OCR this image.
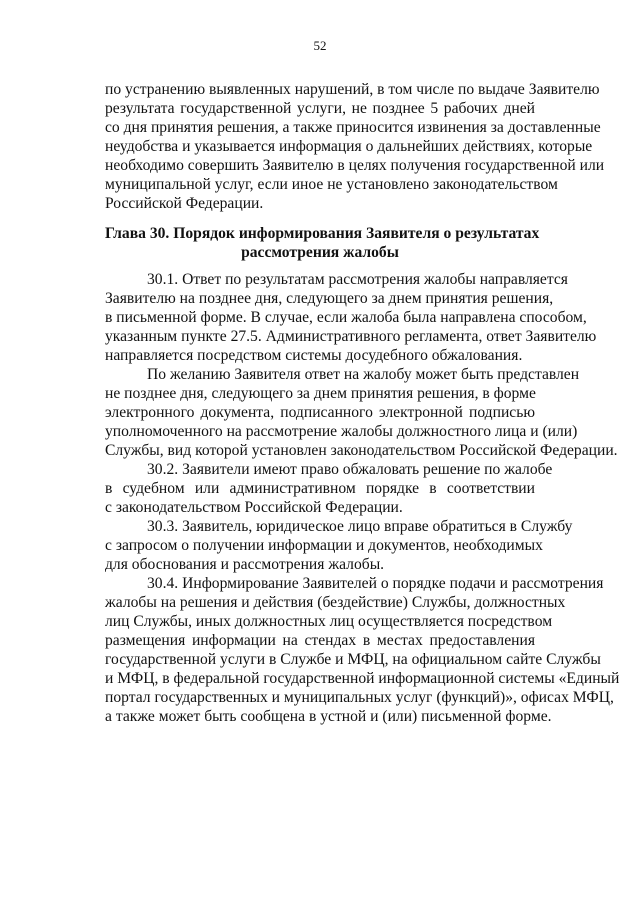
52
по устранению выявленных нарушений, в том числе по выдаче Заявителю
результата государственной услуги, не позднее 5 рабочих дней
со дня принятия решения, а также приносится извинения за доставленные
неудобства и указывается информация о дальнейших действиях, которые
необходимо совершить Заявителю в целях получения государственной или
муниципальной услуг, если иное не установлено законодательством
Российской Федерации.
Глава 30. Порядок информирования Заявителя о результатах
рассмотрения жалобы
30.1. Ответ по результатам рассмотрения жалобы направляется
Заявителю на позднее дня, следующего за днем принятия решения,
в письменной форме. В случае, если жалоба была направлена способом,
указанным пункте 27.5. Административного регламента, ответ Заявителю
направляется посредством системы досудебного обжалования.
По желанию Заявителя ответ на жалобу может быть представлен
не позднее дня, следующего за днем принятия решения, в форме
электронного документа, подписанного электронной подписью
уполномоченного на рассмотрение жалобы должностного лица и (или)
Службы, вид которой установлен законодательством Российской Федерации.
30.2. Заявители имеют право обжаловать решение по жалобе
в судебном или административном порядке в соответствии
с законодательством Российской Федерации.
30.3. Заявитель, юридическое лицо вправе обратиться в Службу
с запросом о получении информации и документов, необходимых
для обоснования и рассмотрения жалобы.
30.4. Информирование Заявителей о порядке подачи и рассмотрения
жалобы на решения и действия (бездействие) Службы, должностных
лиц Службы, иных должностных лиц осуществляется посредством
размещения информации на стендах в местах предоставления
государственной услуги в Службе и МФЦ, на официальном сайте Службы
и МФЦ, в федеральной государственной информационной системы «Единый
портал государственных и муниципальных услуг (функций)», офисах МФЦ,
а также может быть сообщена в устной и (или) письменной форме.
